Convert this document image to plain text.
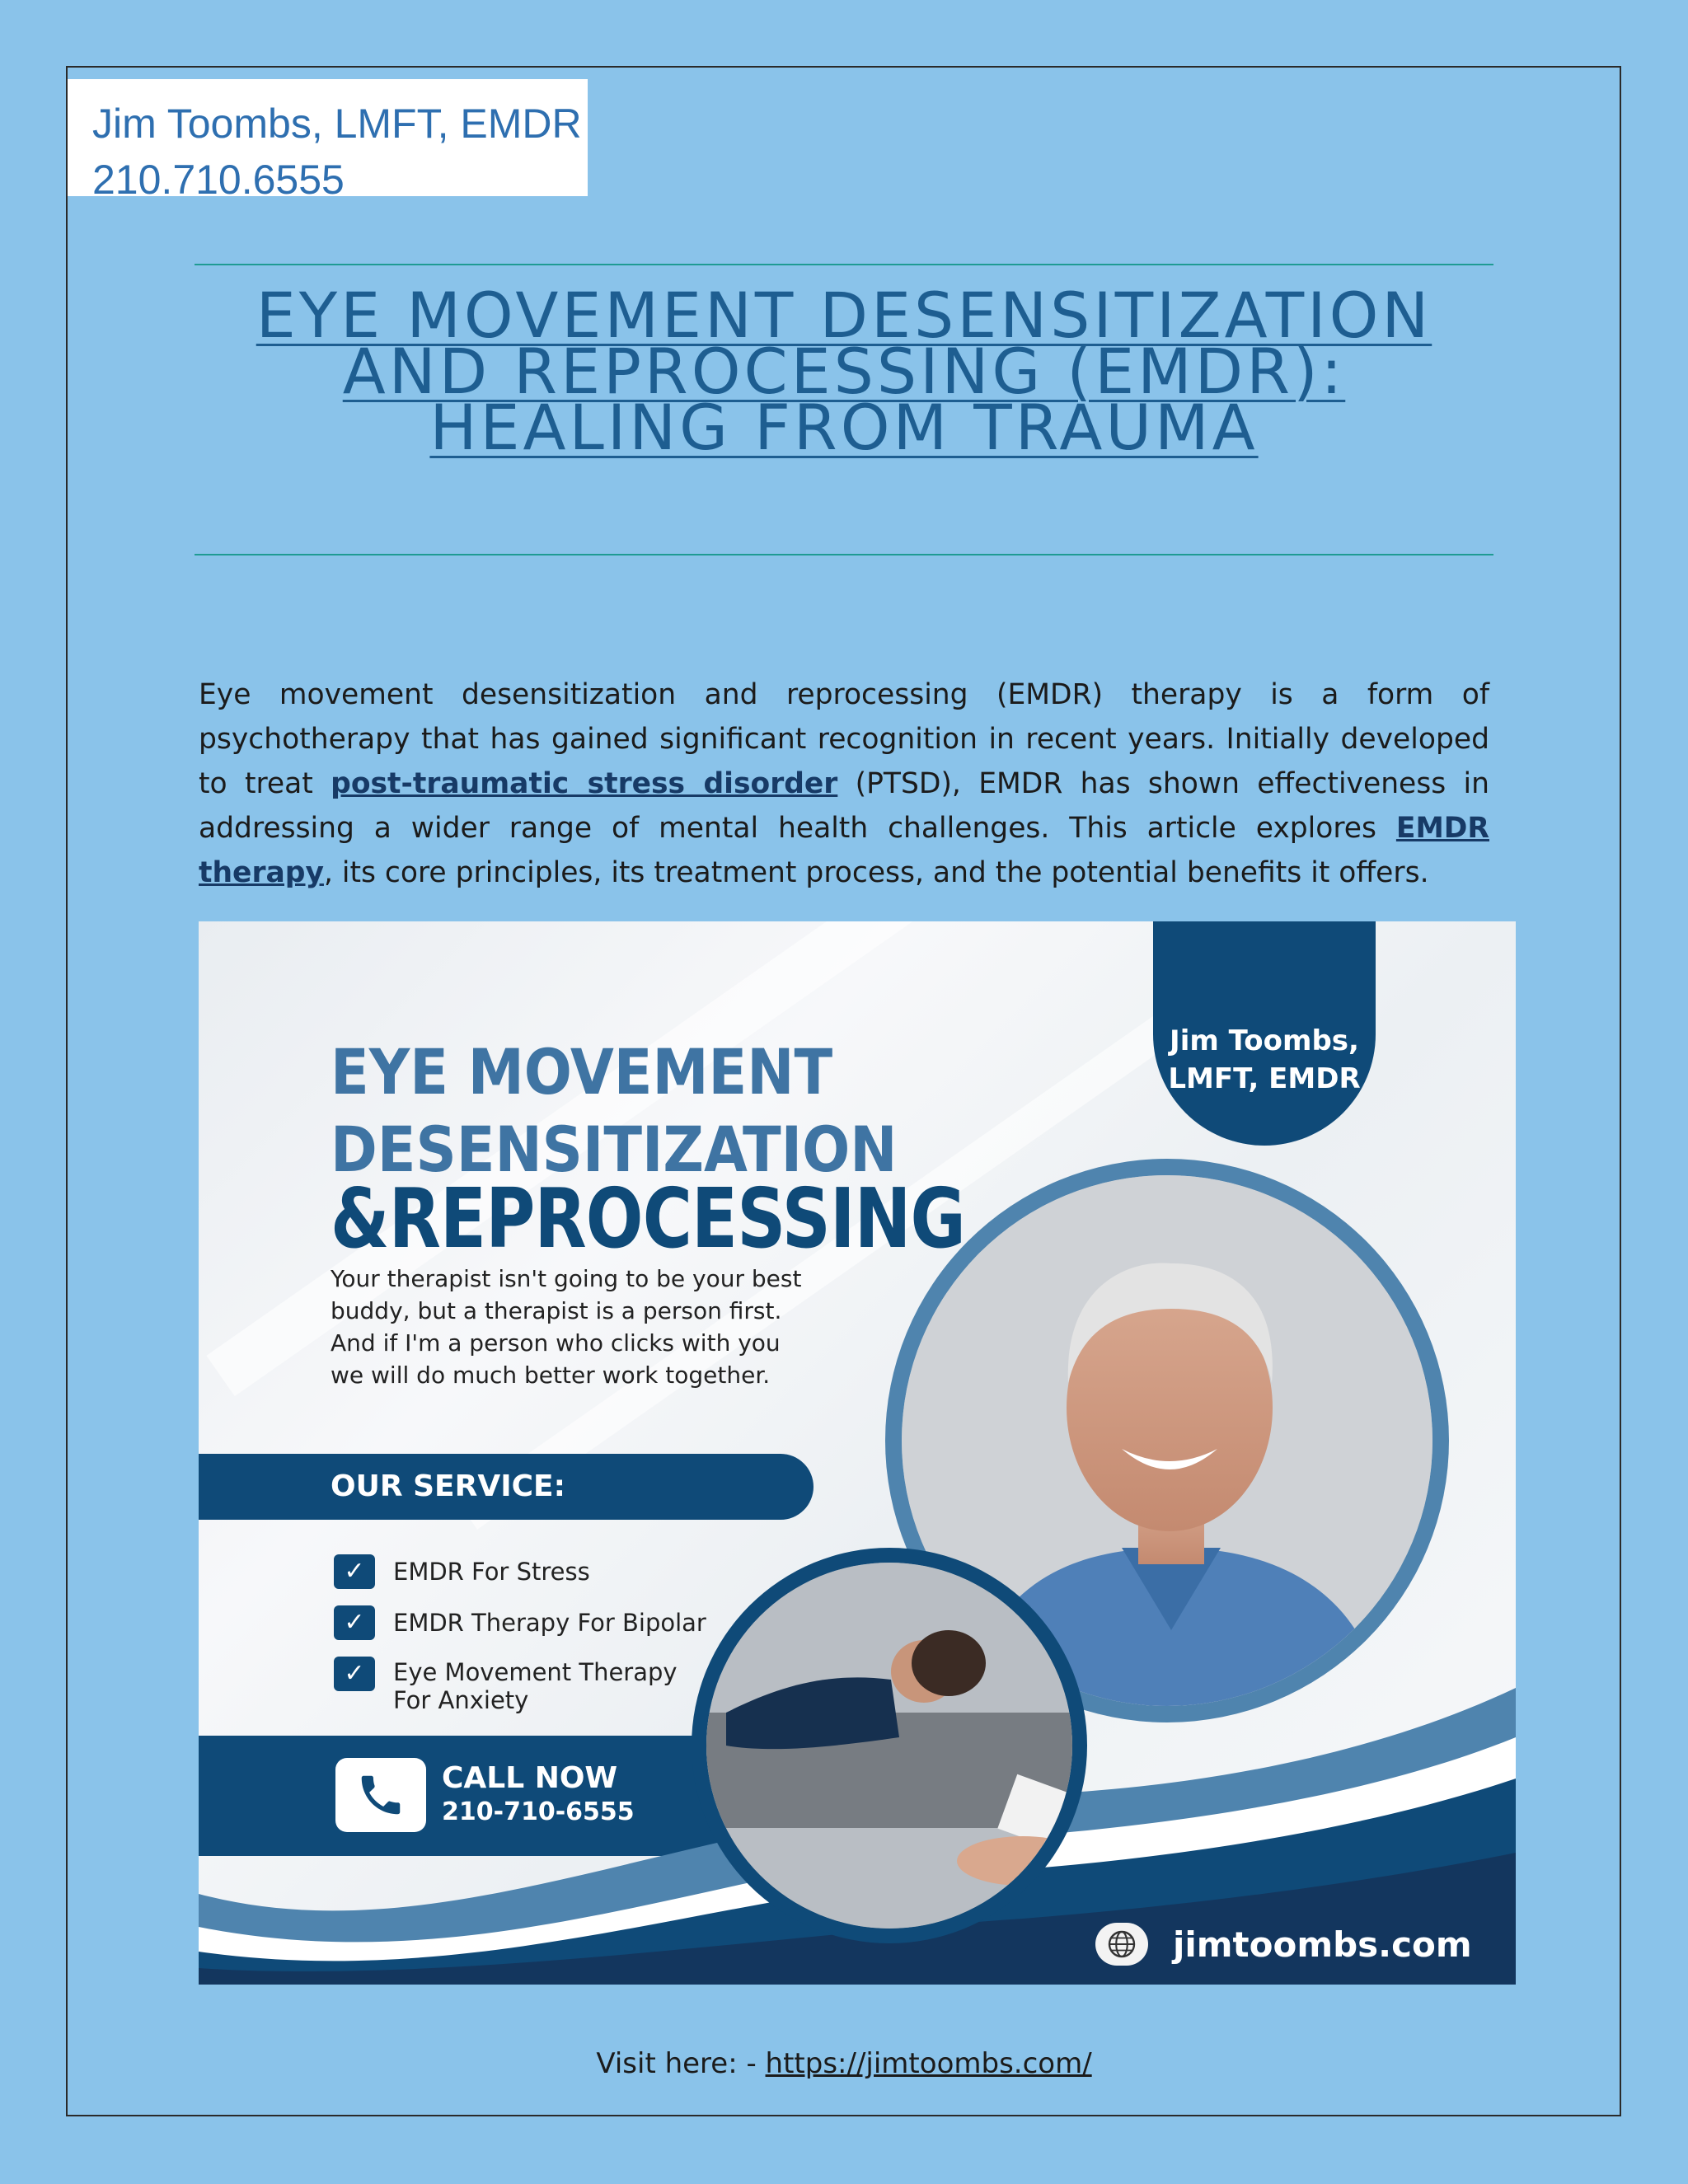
Jim Toombs, LMFT, EMDR
210.710.6555
EYE MOVEMENT DESENSITIZATION
AND REPROCESSING (EMDR):
HEALING FROM TRAUMA
Eye movement desensitization and reprocessing (EMDR) therapy is a form of psychotherapy that has gained significant recognition in recent years. Initially developed to treat post-traumatic stress disorder (PTSD), EMDR has shown effectiveness in addressing a wider range of mental health challenges. This article explores EMDR therapy, its core principles, its treatment process, and the potential benefits it offers.
Jim Toombs,
LMFT, EMDR
EYE MOVEMENT
DESENSITIZATION
&REPROCESSING
Your therapist isn't going to be your best buddy, but a therapist is a person first. And if I'm a person who clicks with you we will do much better work together.
OUR SERVICE:
✓	EMDR For Stress
✓	EMDR Therapy For Bipolar
✓	Eye Movement Therapy For Anxiety
CALL NOW
210-710-6555
jimtoombs.com
Visit here: - https://jimtoombs.com/
